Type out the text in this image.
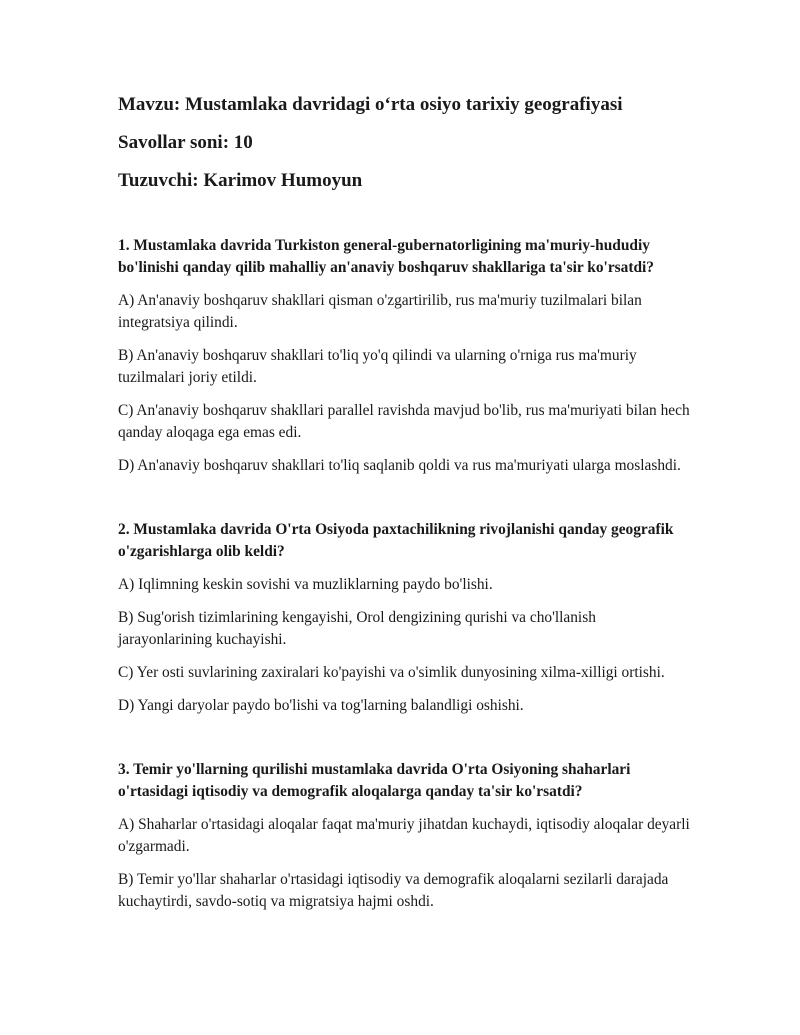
Mavzu: Mustamlaka davridagi o‘rta osiyo tarixiy geografiyasi

Savollar soni: 10

Tuzuvchi: Karimov Humoyun

1. Mustamlaka davrida Turkiston general-gubernatorligining ma'muriy-hududiy bo'linishi qanday qilib mahalliy an'anaviy boshqaruv shakllariga ta'sir ko'rsatdi?

A) An'anaviy boshqaruv shakllari qisman o'zgartirilib, rus ma'muriy tuzilmalari bilan integratsiya qilindi.

B) An'anaviy boshqaruv shakllari to'liq yo'q qilindi va ularning o'rniga rus ma'muriy tuzilmalari joriy etildi.

C) An'anaviy boshqaruv shakllari parallel ravishda mavjud bo'lib, rus ma'muriyati bilan hech qanday aloqaga ega emas edi.

D) An'anaviy boshqaruv shakllari to'liq saqlanib qoldi va rus ma'muriyati ularga moslashdi.

2. Mustamlaka davrida O'rta Osiyoda paxtachilikning rivojlanishi qanday geografik o'zgarishlarga olib keldi?

A) Iqlimning keskin sovishi va muzliklarning paydo bo'lishi.

B) Sug'orish tizimlarining kengayishi, Orol dengizining qurishi va cho'llanish jarayonlarining kuchayishi.

C) Yer osti suvlarining zaxiralari ko'payishi va o'simlik dunyosining xilma-xilligi ortishi.

D) Yangi daryolar paydo bo'lishi va tog'larning balandligi oshishi.

3. Temir yo'llarning qurilishi mustamlaka davrida O'rta Osiyoning shaharlari o'rtasidagi iqtisodiy va demografik aloqalarga qanday ta'sir ko'rsatdi?

A) Shaharlar o'rtasidagi aloqalar faqat ma'muriy jihatdan kuchaydi, iqtisodiy aloqalar deyarli o'zgarmadi.

B) Temir yo'llar shaharlar o'rtasidagi iqtisodiy va demografik aloqalarni sezilarli darajada kuchaytirdi, savdo-sotiq va migratsiya hajmi oshdi.
